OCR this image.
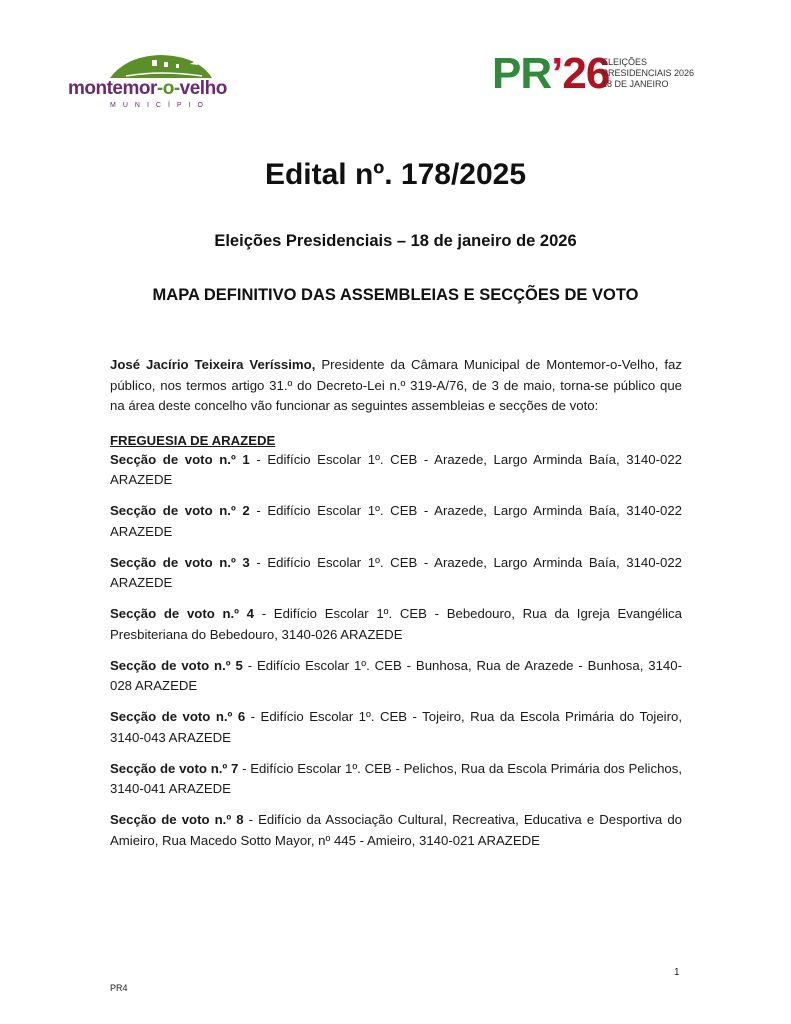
montemor-o-velho
MUNICÍPIO
PR’26
ELEIÇÕES
PRESIDENCIAIS 2026
18 DE JANEIRO
Edital nº. 178/2025
Eleições Presidenciais – 18 de janeiro de 2026
MAPA DEFINITIVO DAS ASSEMBLEIAS E SECÇÕES DE VOTO

José Jacírio Teixeira Veríssimo, Presidente da Câmara Municipal de Montemor-o-Velho, faz público, nos termos artigo 31.º do Decreto-Lei n.º 319-A/76, de 3 de maio, torna-se público que na área deste concelho vão funcionar as seguintes assembleias e secções de voto:

FREGUESIA DE ARAZEDE

Secção de voto n.º 1 - Edifício Escolar 1º. CEB - Arazede, Largo Arminda Baía, 3140-022 ARAZEDE

Secção de voto n.º 2 - Edifício Escolar 1º. CEB - Arazede, Largo Arminda Baía, 3140-022 ARAZEDE

Secção de voto n.º 3 - Edifício Escolar 1º. CEB - Arazede, Largo Arminda Baía, 3140-022 ARAZEDE

Secção de voto n.º 4 - Edifício Escolar 1º. CEB - Bebedouro, Rua da Igreja Evangélica Presbiteriana do Bebedouro, 3140-026 ARAZEDE

Secção de voto n.º 5 - Edifício Escolar 1º. CEB - Bunhosa, Rua de Arazede - Bunhosa, 3140-028 ARAZEDE

Secção de voto n.º 6 - Edifício Escolar 1º. CEB - Tojeiro, Rua da Escola Primária do Tojeiro, 3140-043 ARAZEDE

Secção de voto n.º 7 - Edifício Escolar 1º. CEB - Pelichos, Rua da Escola Primária dos Pelichos, 3140-041 ARAZEDE

Secção de voto n.º 8 - Edifício da Associação Cultural, Recreativa, Educativa e Desportiva do Amieiro, Rua Macedo Sotto Mayor, nº 445 - Amieiro, 3140-021 ARAZEDE

1
PR4
